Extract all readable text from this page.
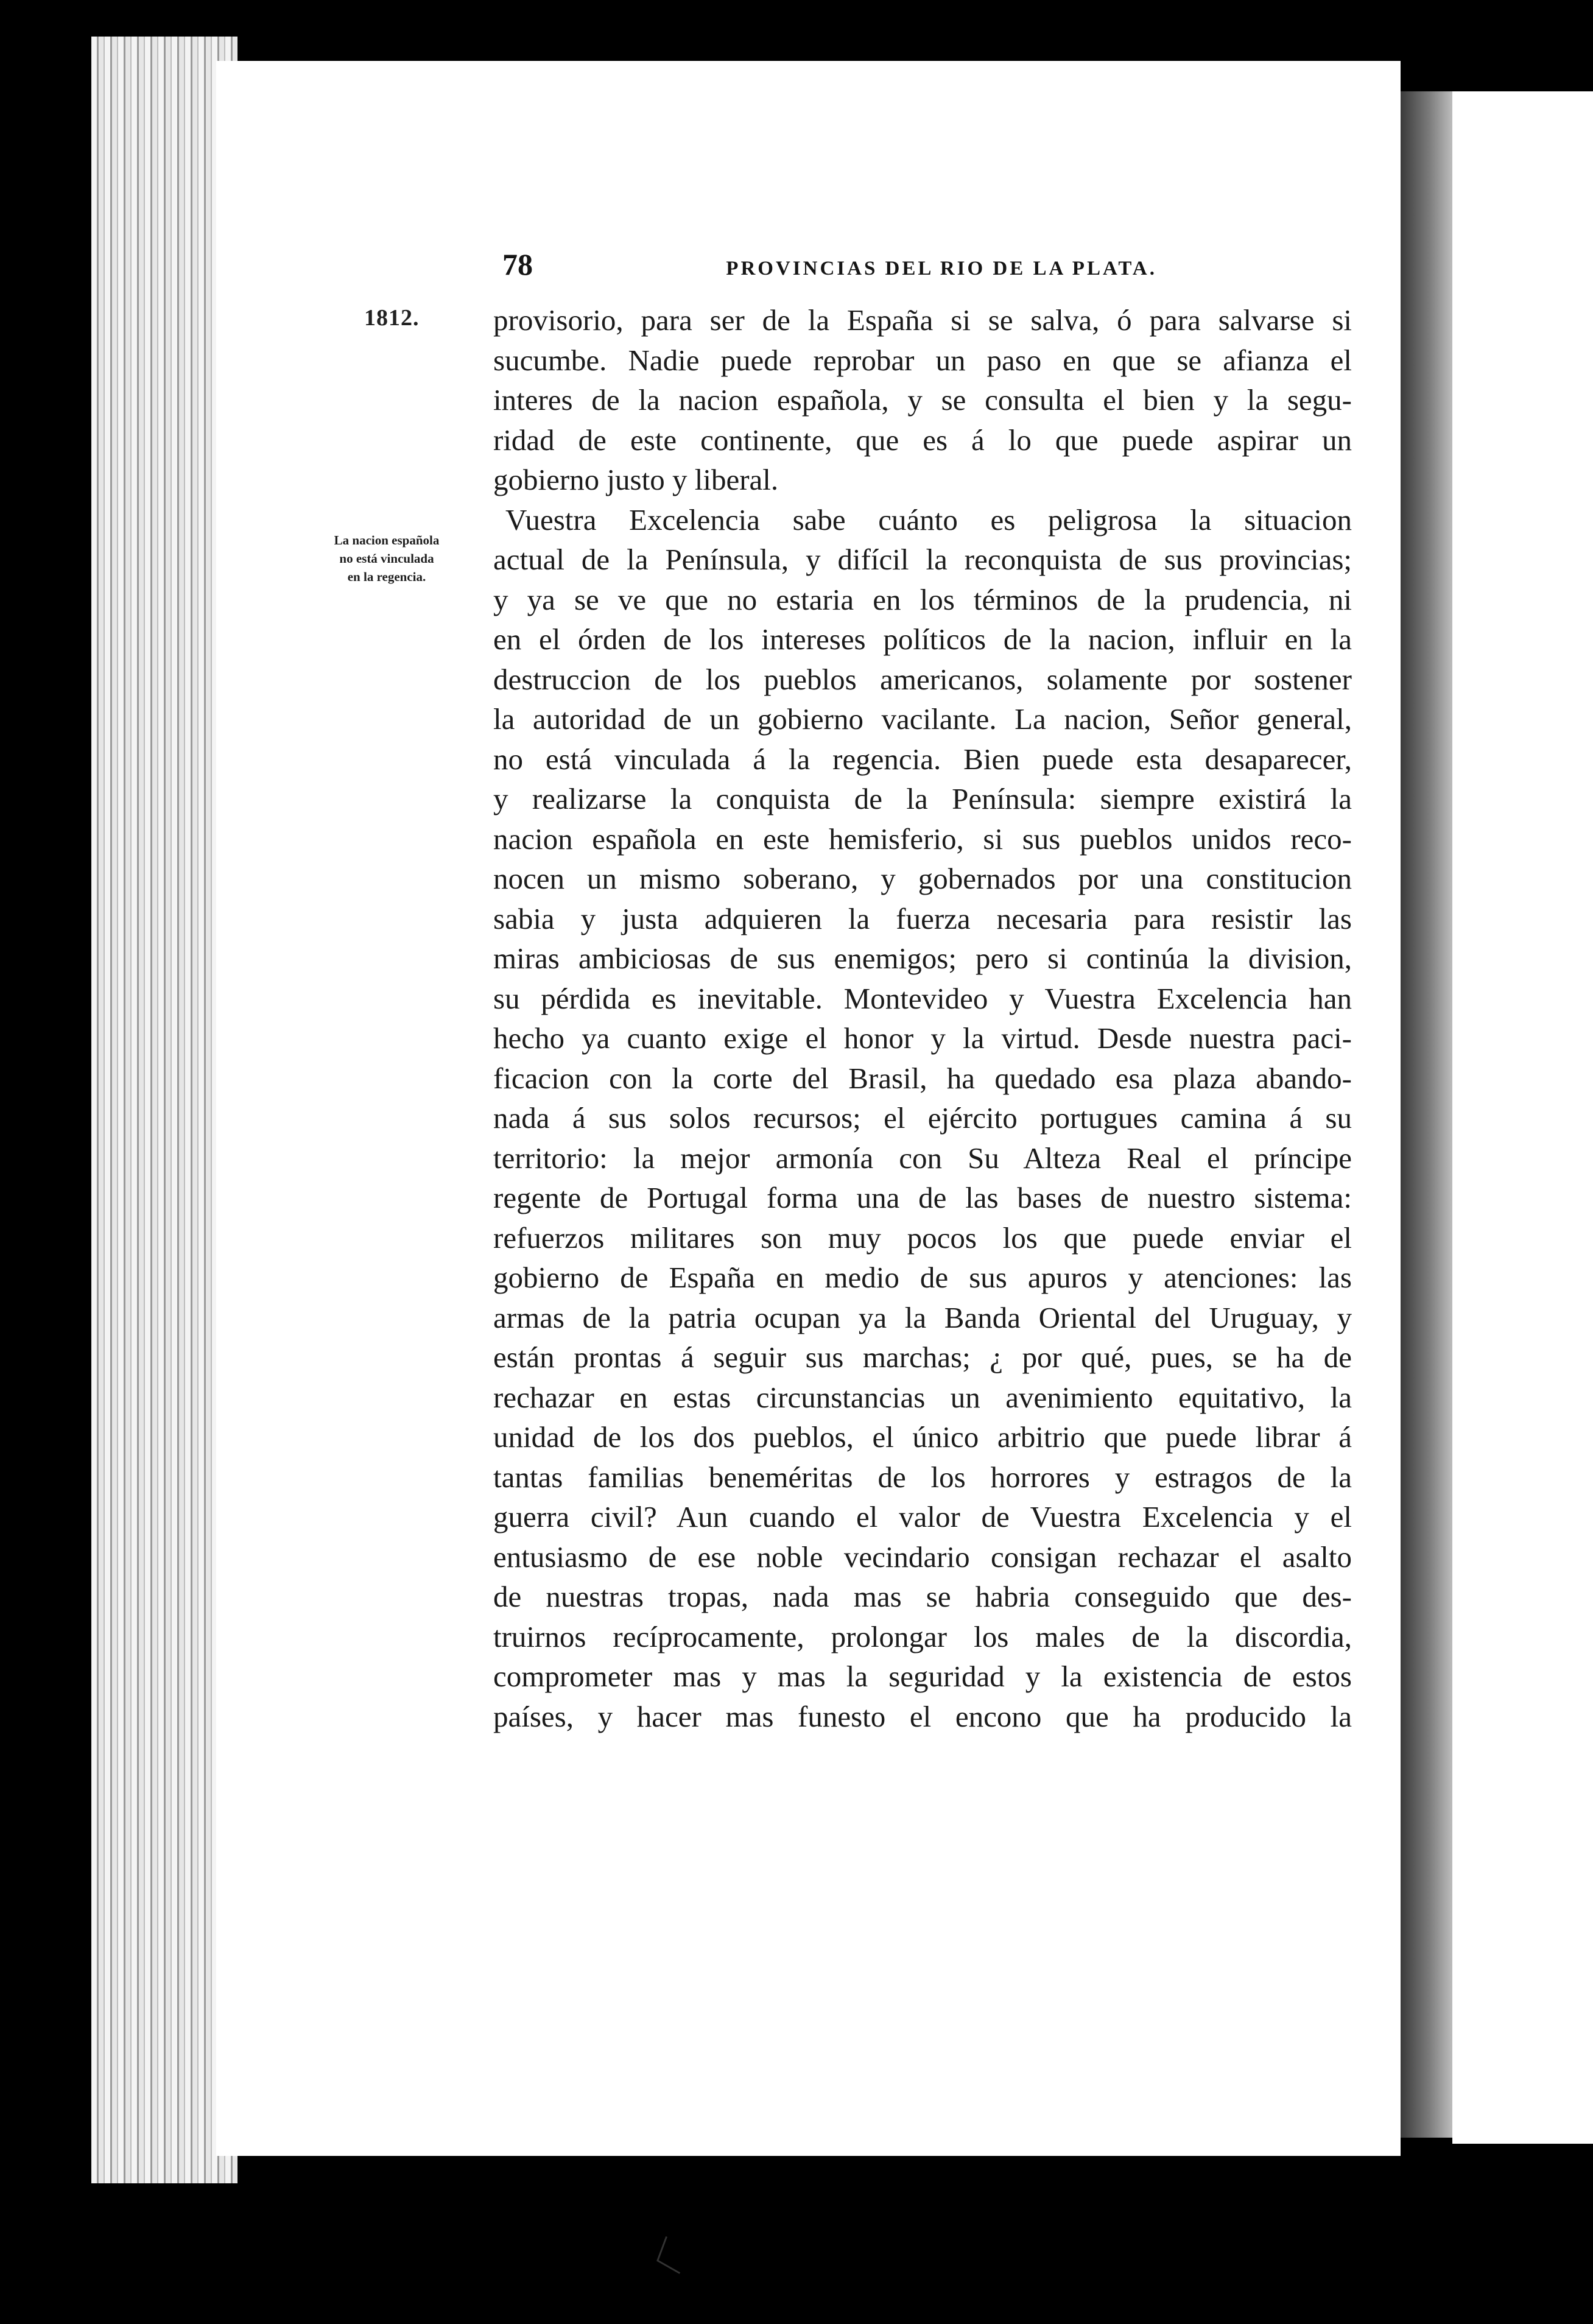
78	PROVINCIAS DEL RIO DE LA PLATA.
1812.
La nacion española
no está vinculada
en la regencia.
provisorio, para ser de la España si se salva, ó para salvarse si
sucumbe. Nadie puede reprobar un paso en que se afianza el
interes de la nacion española, y se consulta el bien y la segu-
ridad de este continente, que es á lo que puede aspirar un
gobierno justo y liberal.
Vuestra Excelencia sabe cuánto es peligrosa la situacion
actual de la Península, y difícil la reconquista de sus provincias;
y ya se ve que no estaria en los términos de la prudencia, ni
en el órden de los intereses políticos de la nacion, influir en la
destruccion de los pueblos americanos, solamente por sostener
la autoridad de un gobierno vacilante. La nacion, Señor general,
no está vinculada á la regencia. Bien puede esta desaparecer,
y realizarse la conquista de la Península: siempre existirá la
nacion española en este hemisferio, si sus pueblos unidos reco-
nocen un mismo soberano, y gobernados por una constitucion
sabia y justa adquieren la fuerza necesaria para resistir las
miras ambiciosas de sus enemigos; pero si continúa la division,
su pérdida es inevitable. Montevideo y Vuestra Excelencia han
hecho ya cuanto exige el honor y la virtud. Desde nuestra paci-
ficacion con la corte del Brasil, ha quedado esa plaza abando-
nada á sus solos recursos; el ejército portugues camina á su
territorio: la mejor armonía con Su Alteza Real el príncipe
regente de Portugal forma una de las bases de nuestro sistema:
refuerzos militares son muy pocos los que puede enviar el
gobierno de España en medio de sus apuros y atenciones: las
armas de la patria ocupan ya la Banda Oriental del Uruguay, y
están prontas á seguir sus marchas; ¿ por qué, pues, se ha de
rechazar en estas circunstancias un avenimiento equitativo, la
unidad de los dos pueblos, el único arbitrio que puede librar á
tantas familias beneméritas de los horrores y estragos de la
guerra civil? Aun cuando el valor de Vuestra Excelencia y el
entusiasmo de ese noble vecindario consigan rechazar el asalto
de nuestras tropas, nada mas se habria conseguido que des-
truirnos recíprocamente, prolongar los males de la discordia,
comprometer mas y mas la seguridad y la existencia de estos
países, y hacer mas funesto el encono que ha producido la
〈
